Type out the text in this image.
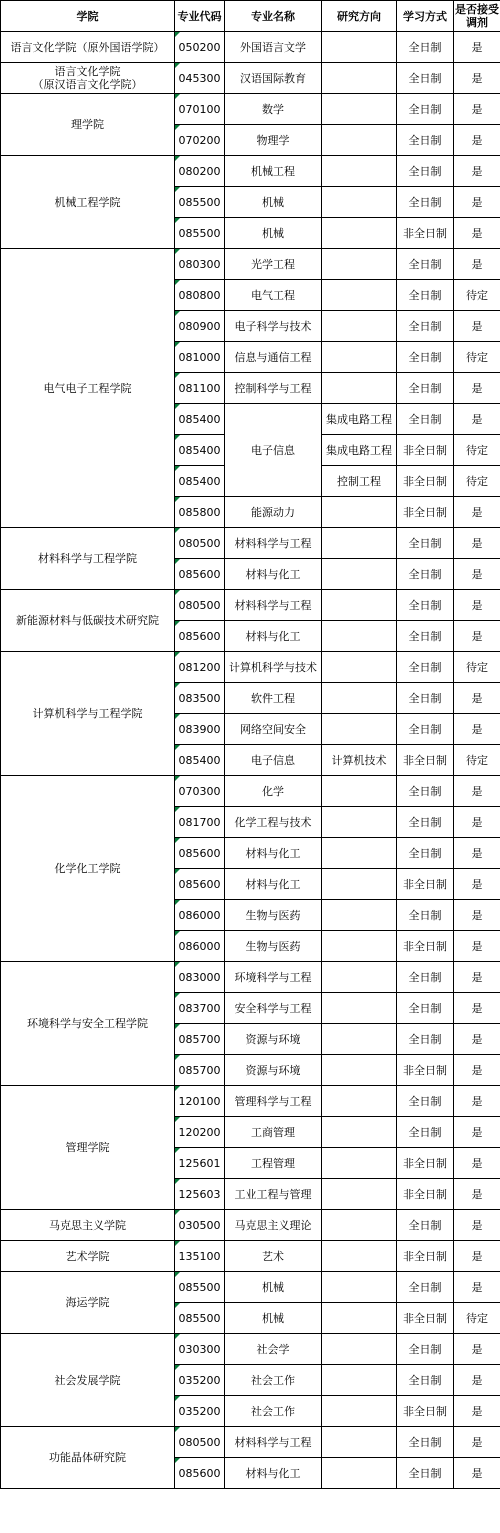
学院	专业代码	专业名称	研究方向	学习方式	是否接受调剂
语言文化学院（原外国语学院）	050200	外国语言文学		全日制	是
语言文化学院
（原汉语言文化学院）	045300	汉语国际教育		全日制	是
理学院	070100	数学		全日制	是
	070200	物理学		全日制	是
机械工程学院	080200	机械工程		全日制	是
	085500	机械		全日制	是
	085500	机械		非全日制	是
电气电子工程学院	080300	光学工程		全日制	是
	080800	电气工程		全日制	待定
	080900	电子科学与技术		全日制	是
	081000	信息与通信工程		全日制	待定
	081100	控制科学与工程		全日制	是
	085400	电子信息	集成电路工程	全日制	是
	085400		集成电路工程	非全日制	待定
	085400		控制工程	非全日制	待定
	085800	能源动力		非全日制	是
材料科学与工程学院	080500	材料科学与工程		全日制	是
	085600	材料与化工		全日制	是
新能源材料与低碳技术研究院	080500	材料科学与工程		全日制	是
	085600	材料与化工		全日制	是
计算机科学与工程学院	081200	计算机科学与技术		全日制	待定
	083500	软件工程		全日制	是
	083900	网络空间安全		全日制	是
	085400	电子信息	计算机技术	非全日制	待定
化学化工学院	070300	化学		全日制	是
	081700	化学工程与技术		全日制	是
	085600	材料与化工		全日制	是
	085600	材料与化工		非全日制	是
	086000	生物与医药		全日制	是
	086000	生物与医药		非全日制	是
环境科学与安全工程学院	083000	环境科学与工程		全日制	是
	083700	安全科学与工程		全日制	是
	085700	资源与环境		全日制	是
	085700	资源与环境		非全日制	是
管理学院	120100	管理科学与工程		全日制	是
	120200	工商管理		全日制	是
	125601	工程管理		非全日制	是
	125603	工业工程与管理		非全日制	是
马克思主义学院	030500	马克思主义理论		全日制	是
艺术学院	135100	艺术		非全日制	是
海运学院	085500	机械		全日制	是
	085500	机械		非全日制	待定
社会发展学院	030300	社会学		全日制	是
	035200	社会工作		全日制	是
	035200	社会工作		非全日制	是
功能晶体研究院	080500	材料科学与工程		全日制	是
	085600	材料与化工		全日制	是
